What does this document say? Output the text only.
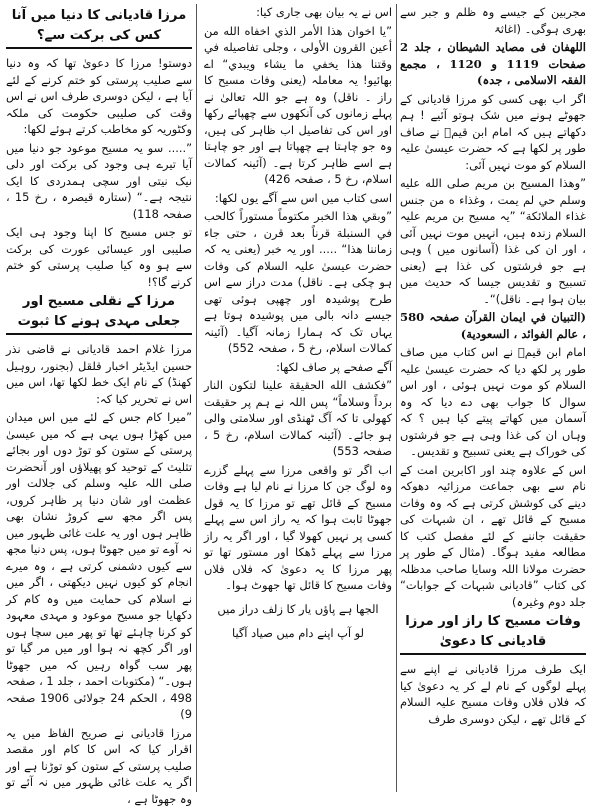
مجربین کے جیسے وہ ظلم و جبر سے بھری ہوگی۔ (اغاثۃ

اللھفان فی مصاید الشیطان ، جلد 2 صفحات 1119 و 1120 ، مجمع الفقہ الاسلامی ، جدہ)

اگر اب بھی کسی کو مرزا قادیانی کے جھوٹے ہونے میں شک ہوتو آئیے ! ہم دکھاتے ہیں کہ امام ابن قیمؒ نے صاف طور پر لکھا ہے کہ حضرت عیسیٰ علیہ السلام کو موت نہیں آئی:

”وهذا المسيح بن مريم صلى الله عليه وسلم حي لم يمت ، وغذاء ه من جنس غذاء الملائكة“ ”یہ مسیح بن مریم علیہ السلام زندہ ہیں، انہیں موت نہیں آئی ، اور ان کی غذا (آسانوں میں ) وہی ہے جو فرشتوں کی غذا ہے (یعنی تسبیح و تقدیس جیسا کہ حدیث میں بیان ہوا ہے۔ ناقل)“۔

(التبيان في ايمان القرآن صفحہ 580 ، عالم الفوائد ، السعودية)

امام ابن قیمؒ نے اس کتاب میں صاف طور پر لکھ دیا کہ حضرت عیسیٰ علیہ السلام کو موت نہیں ہوئی ، اور اس سوال کا جواب بھی دے دیا کہ وہ آسمان میں کھاتے پیتے کیا ہیں ؟ کہ وہاں ان کی غذا وہی ہے جو فرشتوں کی خوراک ہے یعنی تسبیح و تقدیس۔

اس کے علاوہ چند اور اکابرین امت کے نام سے بھی جماعت مرزائیہ دھوکہ دینے کی کوشش کرتی ہے کہ وہ وفات مسیح کے قائل تھے ، ان شبہات کی حقیقت جاننے کے لئے مفصل کتب کا مطالعہ مفید ہوگا۔ (مثال کے طور پر حضرت مولانا اللہ وسایا صاحب مدظلہ کی کتاب ”قادیانی شبہات کے جوابات“ جلد دوم وغیرہ)

وفات مسیح کا راز اور مرزا قادیانی کا دعویٰ

ایک طرف مرزا قادیانی نے اپنے سے پہلے لوگوں کے نام لے کر یہ دعویٰ کیا کہ فلاں فلاں وفات مسیح علیہ السلام کے قائل تھے ، لیکن دوسری طرف

اس نے یہ بیان بھی جاری کیا:

”يا اخوان هذا الأمر الذي اخفاه الله من أعين القرون الأولى ، وجلى تفاصيله في وقتنا هذا يخفي ما يشاء ويبدي“ اے بھائیو! یہ معاملہ (یعنی وفات مسیح کا راز ۔ ناقل) وہ ہے جو اللہ تعالیٰ نے پہلے زمانوں کی آنکھوں سے چھپائے رکھا اور اس کی تفاصیل اب ظاہر کی ہیں، وہ جو چاہتا ہے چھپاتا ہے اور جو چاہتا ہے اسے ظاہر کرتا ہے۔ (آئینہ کمالات اسلام، رخ 5 ، صفحہ 426)

اسی کتاب میں اس سے آگے یوں لکھا:

”وبقي هذا الخبر مكتوماً مستوراً كالحب في السنبلة قرناً بعد قرن ، حتى جاء زماننا هذا“ ..... اور یہ خبر (یعنی یہ کہ حضرت عیسیٰ علیہ السلام کی وفات ہو چکی ہے۔ ناقل) مدت دراز سے اس طرح پوشیدہ اور چھپی ہوئی تھی جیسے دانہ بالی میں پوشیدہ ہوتا ہے یہاں تک کہ ہمارا زمانہ آگیا۔ (آئینہ کمالات اسلام، رخ 5 ، صفحہ 552)

آگے صفحے پر صاف لکھا:

”فكشف الله الحقيقة علينا لتكون النار برداً وسلاماً“ پس اللہ نے ہم پر حقیقت کھولی تا کہ آگ ٹھنڈی اور سلامتی والی ہو جائے۔ (آئینہ کمالات اسلام، رخ 5 ، صفحہ 553)

اب اگر تو واقعی مرزا سے پہلے گزرے وہ لوگ جن کا مرزا نے نام لیا ہے وفات مسیح کے قائل تھے تو مرزا کا یہ قول جھوٹا ثابت ہوا کہ یہ راز اس سے پہلے کسی پر نہیں کھولا گیا ، اور اگر یہ راز مرزا سے پہلے ڈھکا اور مستور تھا تو پھر مرزا کا یہ دعویٰ کہ فلاں فلاں وفات مسیح کا قائل تھا جھوٹ ہوا۔

الجھا ہے پاؤں یار کا زلف دراز میں
لو آپ اپنے دام میں صیاد آگیا
مرزا قادیانی کا دنیا میں آنا کس کی برکت سے؟

دوستو! مرزا کا دعویٰ تھا کہ وہ دنیا سے صلیب پرستی کو ختم کرنے کے لئے آیا ہے ، لیکن دوسری طرف اس نے اس وقت کی صلیبی حکومت کی ملکہ وکٹوریہ کو مخاطب کرتے ہوئے لکھا:

”..... سو یہ مسیح موعود جو دنیا میں آیا تیرے ہی وجود کی برکت اور دلی نیک نیتی اور سچی ہمدردی کا ایک نتیجہ ہے۔“ (ستارہ قیصرہ ، رخ 15 ، صفحہ 118)

تو جس مسیح کا اپنا وجود ہی ایک صلیبی اور عیسائی عورت کی برکت سے ہو وہ کیا صلیب پرستی کو ختم کرنے گا؟!

مرزا کے نقلی مسیح اور جعلی مہدی ہونے کا ثبوت

مرزا غلام احمد قادیانی نے قاضی نذر حسین ایڈیٹر اخبار قلقل (بجنور، روہیل کھنڈ) کے نام ایک خط لکھا تھا، اس میں اس نے تحریر کیا کہ:

”میرا کام جس کے لئے میں اس میدان میں کھڑا ہوں یہی ہے کہ میں عیسیٰ پرستی کے ستون کو توڑ دوں اور بجائے تثلیث کے توحید کو پھیلاؤں اور آنحضرت صلی اللہ علیہ وسلم کی جلالت اور عظمت اور شان دنیا پر ظاہر کروں، پس اگر مجھ سے کروڑ نشان بھی ظاہر ہوں اور یہ علت غائی ظہور میں نہ آوے تو میں جھوٹا ہوں، پس دنیا مجھ سے کیوں دشمنی کرتی ہے ، وہ میرے انجام کو کیوں نہیں دیکھتی ، اگر میں نے اسلام کی حمایت میں وہ کام کر دکھایا جو مسیح موعود و مہدی معہود کو کرنا چاہئے تھا تو پھر میں سچا ہوں اور اگر کچھ نہ ہوا اور میں مر گیا تو پھر سب گواہ رہیں کہ میں جھوٹا ہوں۔“ (مکتوبات احمد ، جلد 1 ، صفحہ 498 ، الحکم 24 جولائی 1906 صفحہ 9)

مرزا قادیانی نے صریح الفاظ میں یہ اقرار کیا کہ اس کا کام اور مقصد صلیب پرستی کے ستون کو توڑنا ہے اور اگر یہ علت غائی ظہور میں نہ آئے تو وہ جھوٹا ہے ،
